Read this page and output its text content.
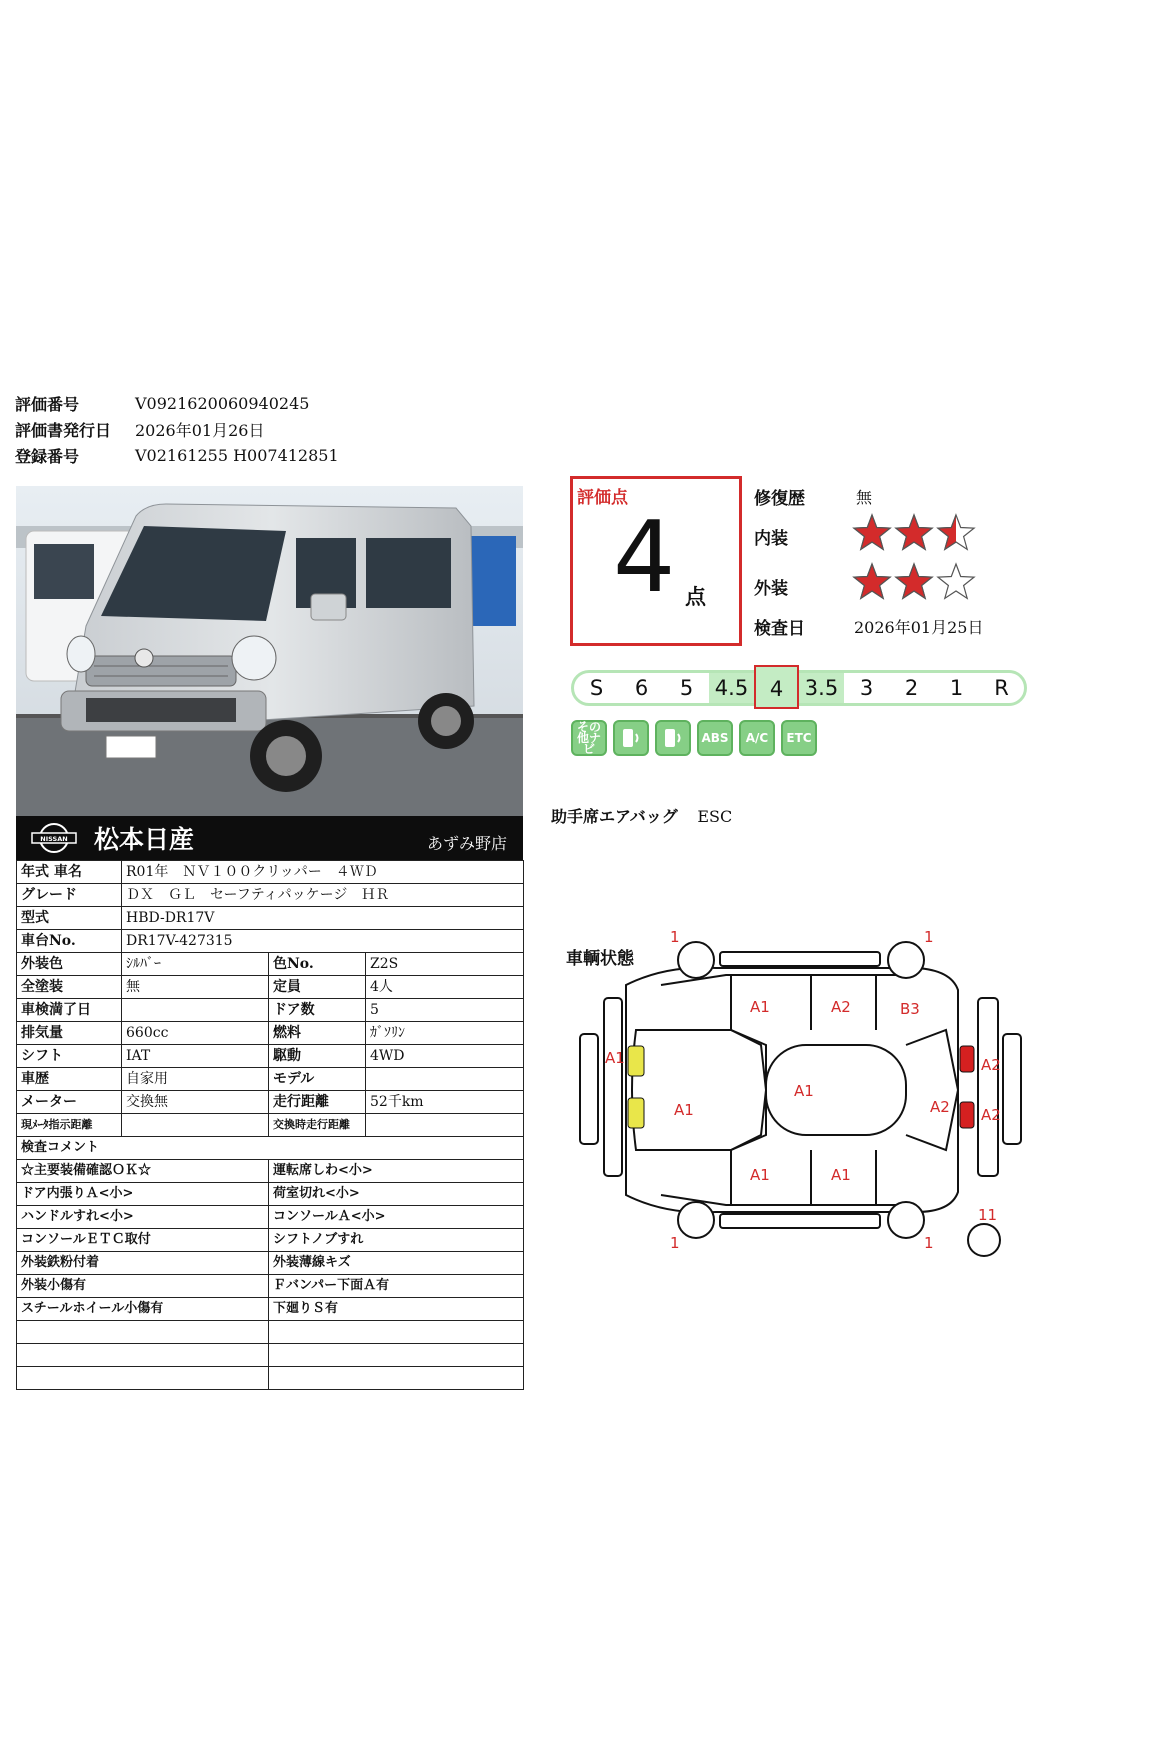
評価番号	V0921620060940245
評価書発行日	2026年01月26日
登録番号	V02161255 H007412851
NISSAN 松本日産	あずみ野店
年式 車名	R01年　ＮＶ１００クリッパー　４ＷＤ		
グレード	ＤＸ　ＧＬ　セーフティパッケージ　ＨＲ		
型式	HBD-DR17V		
車台No.	DR17V-427315		
外装色	ｼﾙﾊﾞｰ	色No.	Z2S
全塗装	無	定員	4人
車検満了日		ドア数	5
排気量	660cc	燃料	ｶﾞｿﾘﾝ
シフト	IAT	駆動	4WD
車歴	自家用	モデル	
メーター	交換無	走行距離	52千km
現ﾒｰﾀ指示距離		交換時走行距離	
検査コメント	
☆主要装備確認ＯＫ☆	運転席しわ<小>
ドア内張りＡ<小>	荷室切れ<小>
ハンドルすれ<小>	コンソールＡ<小>
コンソールＥＴＣ取付	シフトノブすれ
外装鉄粉付着	外装薄線キズ
外装小傷有	Ｆバンパー下面Ａ有
スチールホイール小傷有	下廻りＳ有

評価点
4 点
修復歴	無
内装
外装
検査日	2026年01月25日
S	6	5	4.5	4	3.5	3	2	1	R
その他ナビ
ABS	A/C	ETC
助手席エアバッグ ESC
車輌状態
1	1
1	1
11
A1
A1
A1
A2
A1	A2	B3
A1	A1
A2
A2
